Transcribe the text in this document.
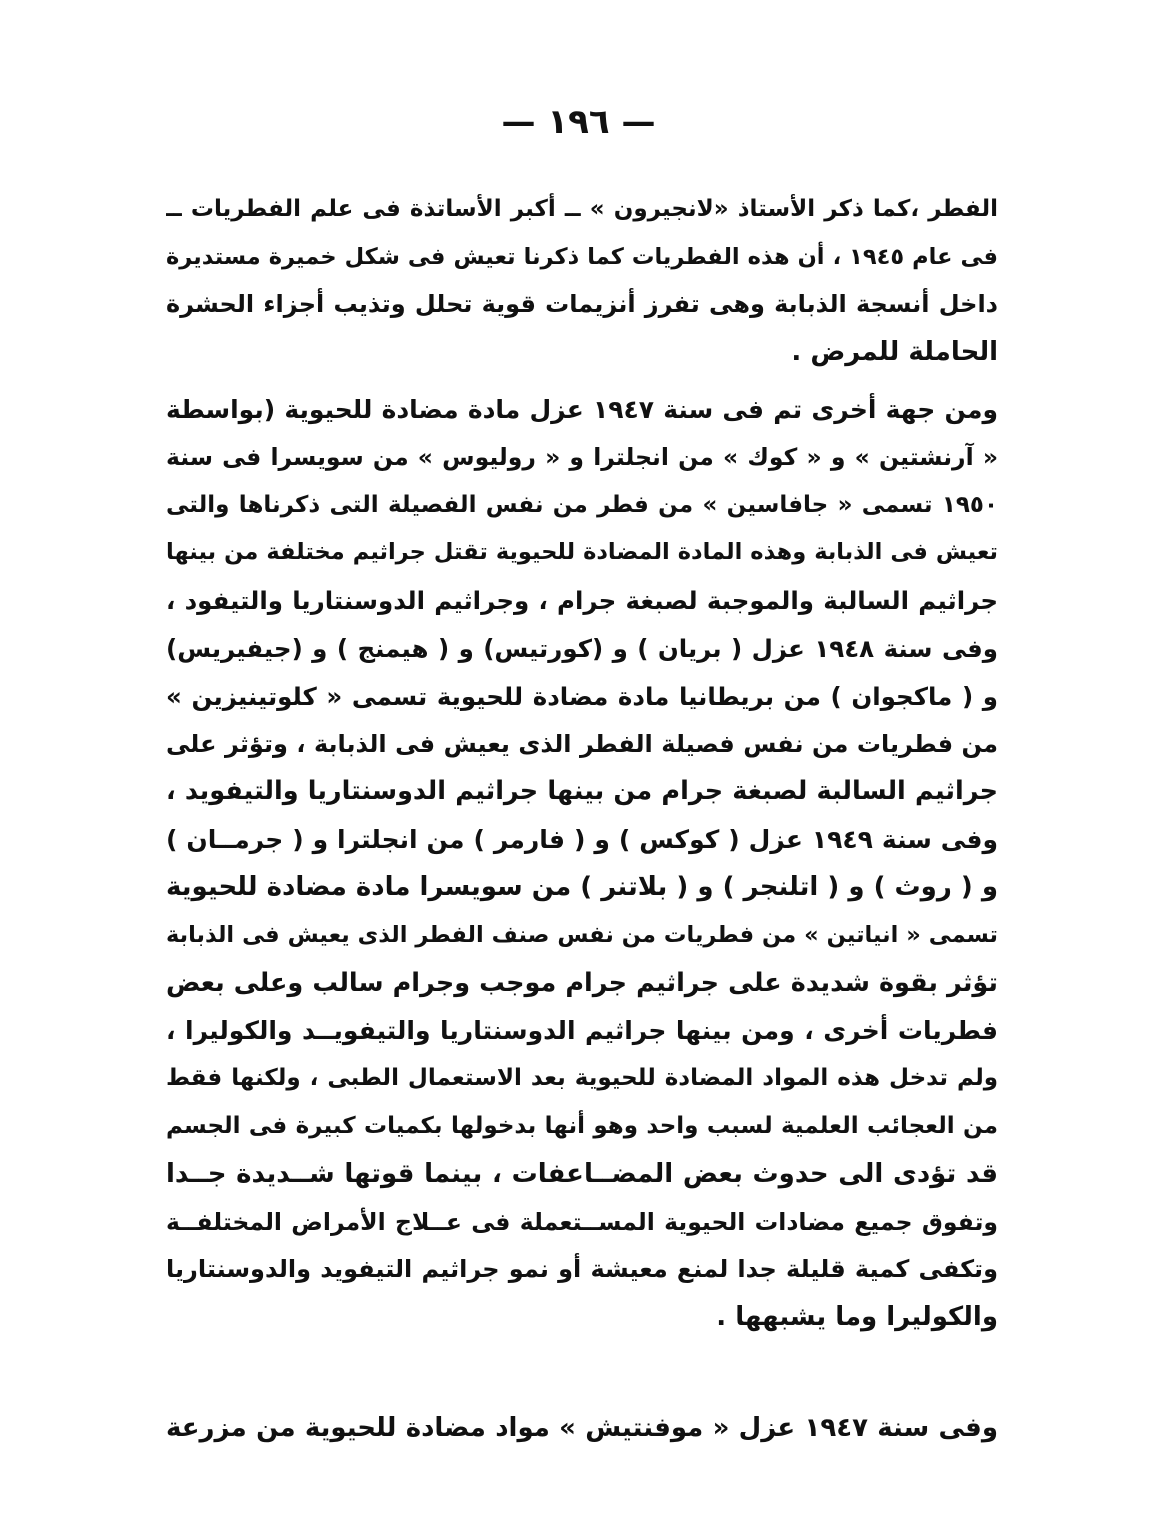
— ١٩٦ —
الفطر ،كما ذكر الأستاذ «لانجيرون » ــ أكبر الأساتذة فى علم الفطريات ــ
فى عام ١٩٤٥ ، أن هذه الفطريات كما ذكرنا تعيش فى شكل خميرة مستديرة
داخل أنسجة الذبابة وهى تفرز أنزيمات قوية تحلل وتذيب أجزاء الحشرة
الحاملة للمرض .
ومن جهة أخرى تم فى سنة ١٩٤٧ عزل مادة مضادة للحيوية (بواسطة
« آرنشتين » و « كوك » من انجلترا و « روليوس » من سويسرا فى سنة
١٩٥٠ تسمى « جافاسين » من فطر من نفس الفصيلة التى ذكرناها والتى
تعيش فى الذبابة وهذه المادة المضادة للحيوية تقتل جراثيم مختلفة من بينها
جراثيم السالبة والموجبة لصبغة جرام ، وجراثيم الدوسنتاريا والتيفود ،
وفى سنة ١٩٤٨ عزل ( بريان ) و (كورتيس) و ( هيمنج ) و (جيفيريس)
و ( ماكجوان ) من بريطانيا مادة مضادة للحيوية تسمى « كلوتينيزين »
من فطريات من نفس فصيلة الفطر الذى يعيش فى الذبابة ، وتؤثر على
جراثيم السالبة لصبغة جرام من بينها جراثيم الدوسنتاريا والتيفويد ،
وفى سنة ١٩٤٩ عزل ( كوكس ) و ( فارمر ) من انجلترا و ( جرمــان )
و ( روث ) و ( اتلنجر ) و ( بلاتنر ) من سويسرا مادة مضادة للحيوية
تسمى « انياتين » من فطريات من نفس صنف الفطر الذى يعيش فى الذبابة
تؤثر بقوة شديدة على جراثيم جرام موجب وجرام سالب وعلى بعض
فطريات أخرى ، ومن بينها جراثيم الدوسنتاريا والتيفويــد والكوليرا ،
ولم تدخل هذه المواد المضادة للحيوية بعد الاستعمال الطبى ، ولكنها فقط
من العجائب العلمية لسبب واحد وهو أنها بدخولها بكميات كبيرة فى الجسم
قد تؤدى الى حدوث بعض المضــاعفات ، بينما قوتها شــديدة جــدا
وتفوق جميع مضادات الحيوية المســتعملة فى عــلاج الأمراض المختلفــة
وتكفى كمية قليلة جدا لمنع معيشة أو نمو جراثيم التيفويد والدوسنتاريا
والكوليرا وما يشبهها .
وفى سنة ١٩٤٧ عزل « موفنتيش » مواد مضادة للحيوية من مزرعة
